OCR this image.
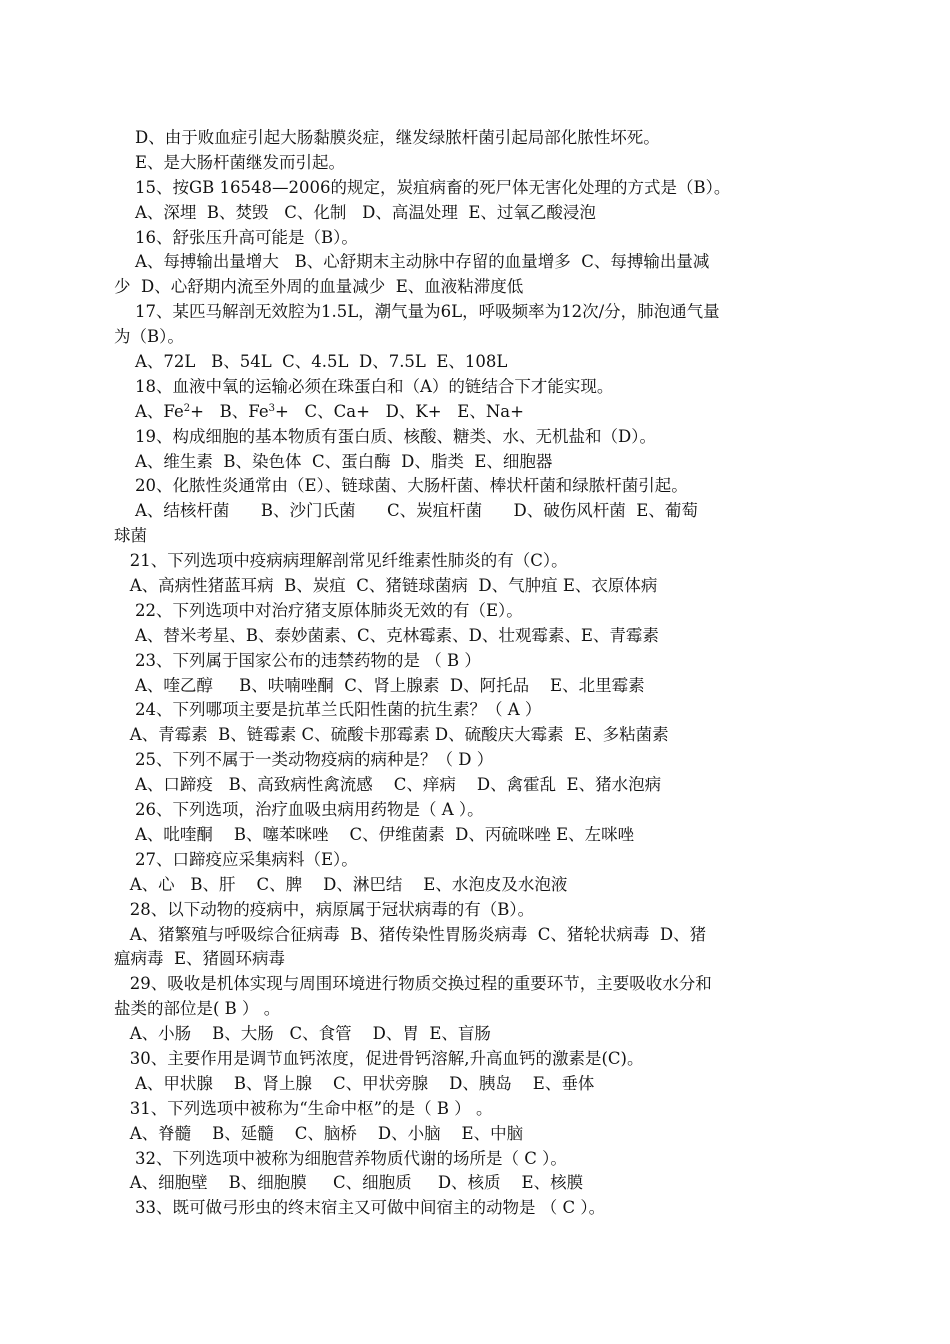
D、由于败血症引起大肠黏膜炎症，继发绿脓杆菌引起局部化脓性坏死。
E、是大肠杆菌继发而引起。
15、按GB 16548—2006的规定，炭疽病畜的死尸体无害化处理的方式是（B）。
A、深埋  B、焚毁   C、化制   D、高温处理  E、过氧乙酸浸泡
16、舒张压升高可能是（B）。
A、每搏输出量增大   B、心舒期末主动脉中存留的血量增多  C、每搏输出量减
少  D、心舒期内流至外周的血量减少  E、血液粘滞度低
17、某匹马解剖无效腔为1.5L，潮气量为6L，呼吸频率为12次/分，肺泡通气量
为（B）。
A、72L   B、54L  C、4.5L  D、7.5L  E、108L
18、血液中氧的运输必须在珠蛋白和（A）的链结合下才能实现。
A、$Fe^2+ B$、$Fe^3+ C$、Ca+   D、K+   E、Na+
19、构成细胞的基本物质有蛋白质、核酸、糖类、水、无机盐和（D）。
A、维生素  B、染色体  C、蛋白酶  D、脂类  E、细胞器
20、化脓性炎通常由（E）、链球菌、大肠杆菌、棒状杆菌和绿脓杆菌引起。
A、结核杆菌      B、沙门氏菌      C、炭疽杆菌      D、破伤风杆菌  E、葡萄
球菌
21、下列选项中疫病病理解剖常见纤维素性肺炎的有（C）。
A、高病性猪蓝耳病  B、炭疽  C、猪链球菌病  D、气肿疽 E、衣原体病
22、下列选项中对治疗猪支原体肺炎无效的有（E）。
A、替米考星、B、泰妙菌素、C、克林霉素、D、壮观霉素、E、青霉素
23、下列属于国家公布的违禁药物的是 （ B ）
A、喹乙醇     B、呋喃唑酮  C、肾上腺素  D、阿托品    E、北里霉素
24、下列哪项主要是抗革兰氏阳性菌的抗生素？（ A ）
A、青霉素  B、链霉素 C、硫酸卡那霉素 D、硫酸庆大霉素  E、多粘菌素
25、下列不属于一类动物疫病的病种是？（ D ）
A、口蹄疫   B、高致病性禽流感    C、痒病    D、禽霍乱  E、猪水泡病
26、下列选项，治疗血吸虫病用药物是（ A ）。
A、吡喹酮    B、噻苯咪唑    C、伊维菌素  D、丙硫咪唑 E、左咪唑
27、口蹄疫应采集病料（E）。
A、心   B、肝    C、脾    D、淋巴结    E、水泡皮及水泡液
28、以下动物的疫病中，病原属于冠状病毒的有（B）。
A、猪繁殖与呼吸综合征病毒  B、猪传染性胃肠炎病毒  C、猪轮状病毒  D、猪
瘟病毒  E、猪圆环病毒
29、吸收是机体实现与周围环境进行物质交换过程的重要环节，主要吸收水分和
盐类的部位是( B ） 。
A、小肠    B、大肠   C、食管    D、胃  E、盲肠
30、主要作用是调节血钙浓度，促进骨钙溶解,升高血钙的激素是(C)。
A、甲状腺    B、肾上腺    C、甲状旁腺    D、胰岛    E、垂体
31、下列选项中被称为“生命中枢”的是（ B ） 。
A、脊髓    B、延髓    C、脑桥    D、小脑    E、中脑
32、下列选项中被称为细胞营养物质代谢的场所是（ C ）。
A、细胞壁    B、细胞膜     C、细胞质     D、核质    E、核膜
33、既可做弓形虫的终末宿主又可做中间宿主的动物是 （ C ）。
